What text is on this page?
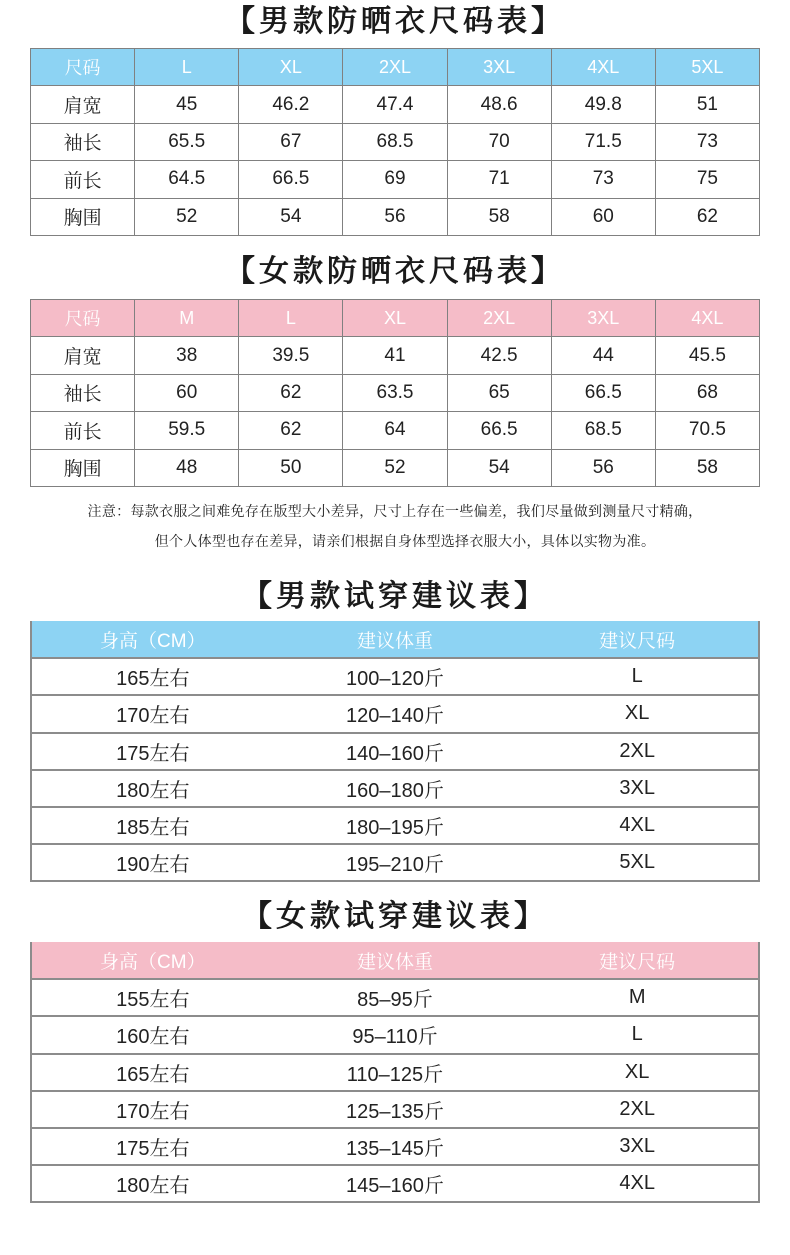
【男款防晒衣尺码表】
尺码	L	XL	2XL	3XL	4XL	5XL
肩宽	45	46.2	47.4	48.6	49.8	51
袖长	65.5	67	68.5	70	71.5	73
前长	64.5	66.5	69	71	73	75
胸围	52	54	56	58	60	62
【女款防晒衣尺码表】
尺码	M	L	XL	2XL	3XL	4XL
肩宽	38	39.5	41	42.5	44	45.5
袖长	60	62	63.5	65	66.5	68
前长	59.5	62	64	66.5	68.5	70.5
胸围	48	50	52	54	56	58
注意：每款衣服之间难免存在版型大小差异，尺寸上存在一些偏差，我们尽量做到测量尺寸精确，
但个人体型也存在差异，请亲们根据自身体型选择衣服大小，具体以实物为准。
【男款试穿建议表】
身高（CM）	建议体重	建议尺码
165左右	100–120斤	L
170左右	120–140斤	XL
175左右	140–160斤	2XL
180左右	160–180斤	3XL
185左右	180–195斤	4XL
190左右	195–210斤	5XL
【女款试穿建议表】
身高（CM）	建议体重	建议尺码
155左右	85–95斤	M
160左右	95–110斤	L
165左右	110–125斤	XL
170左右	125–135斤	2XL
175左右	135–145斤	3XL
180左右	145–160斤	4XL
